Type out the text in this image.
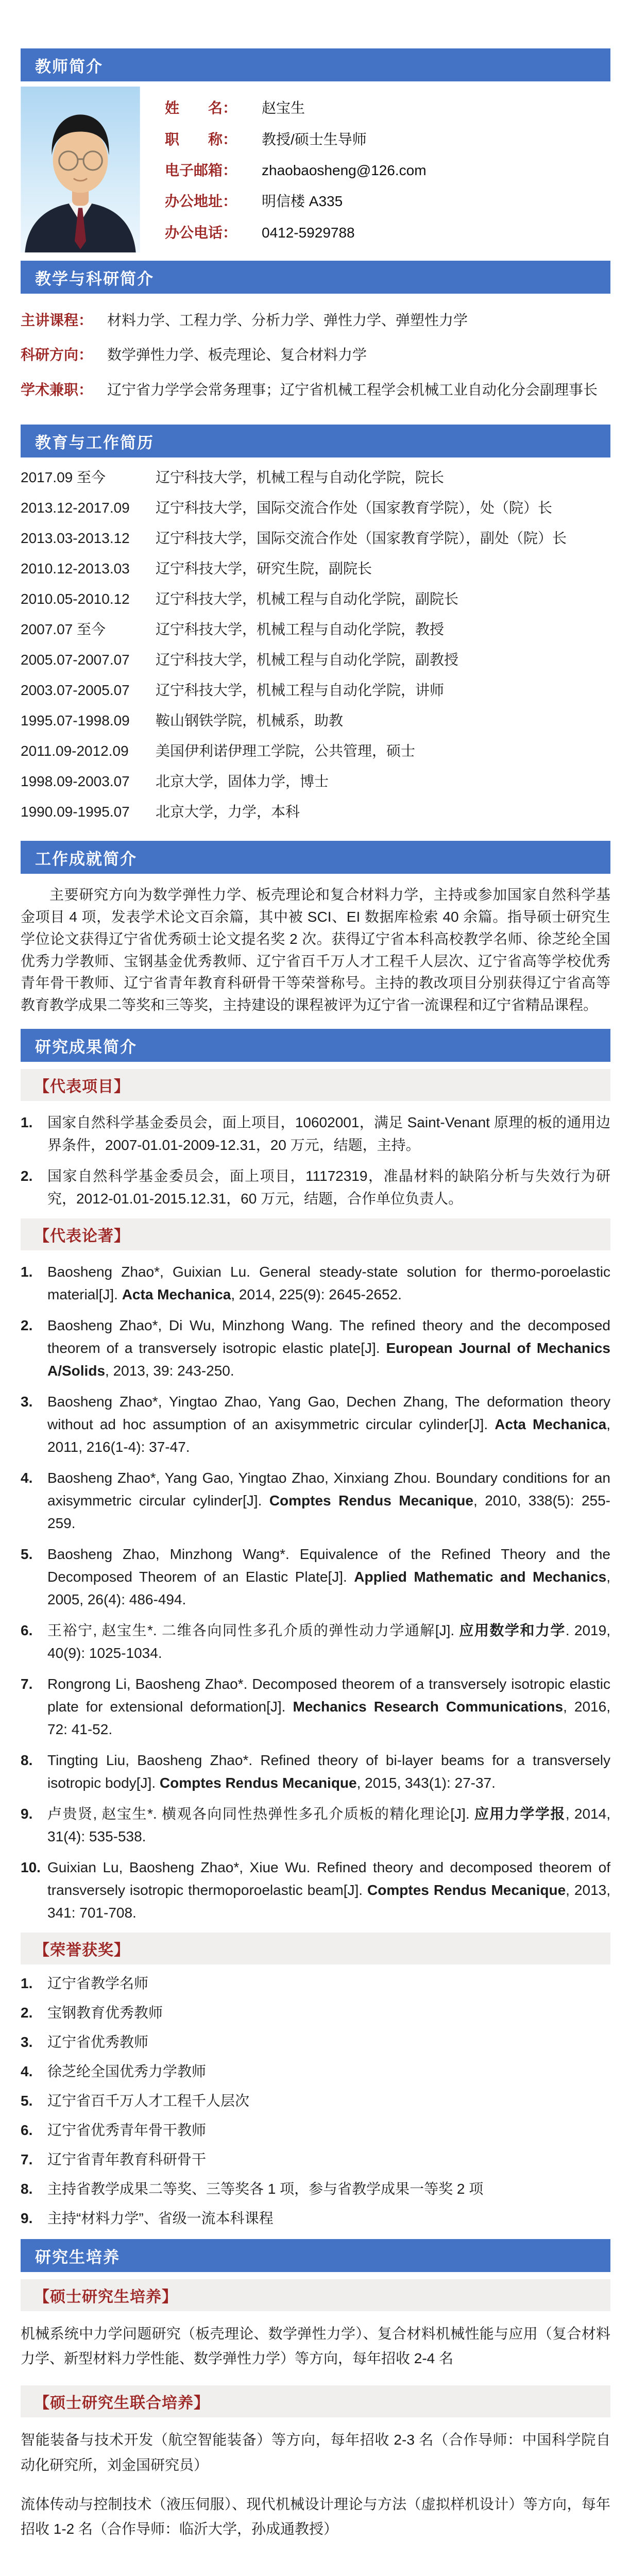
教师简介
姓　　名：	赵宝生
职　　称：	教授/硕士生导师
电子邮箱：	zhaobaosheng@126.com
办公地址：	明信楼 A335
办公电话：	0412-5929788
教学与科研简介
主讲课程： 材料力学、工程力学、分析力学、弹性力学、弹塑性力学
科研方向： 数学弹性力学、板壳理论、复合材料力学
学术兼职： 辽宁省力学学会常务理事；辽宁省机械工程学会机械工业自动化分会副理事长
教育与工作简历
2017.09 至今	辽宁科技大学，机械工程与自动化学院，院长
2013.12-2017.09	辽宁科技大学，国际交流合作处（国家教育学院），处（院）长
2013.03-2013.12	辽宁科技大学，国际交流合作处（国家教育学院），副处（院）长
2010.12-2013.03	辽宁科技大学，研究生院，副院长
2010.05-2010.12	辽宁科技大学，机械工程与自动化学院，副院长
2007.07 至今	辽宁科技大学，机械工程与自动化学院，教授
2005.07-2007.07	辽宁科技大学，机械工程与自动化学院，副教授
2003.07-2005.07	辽宁科技大学，机械工程与自动化学院，讲师
1995.07-1998.09	鞍山钢铁学院，机械系，助教
2011.09-2012.09	美国伊利诺伊理工学院，公共管理，硕士
1998.09-2003.07	北京大学，固体力学，博士
1990.09-1995.07	北京大学，力学，本科
工作成就简介

主要研究方向为数学弹性力学、板壳理论和复合材料力学，主持或参加国家自然科学基金项目 4 项，发表学术论文百余篇，其中被 SCI、EI 数据库检索 40 余篇。指导硕士研究生学位论文获得辽宁省优秀硕士论文提名奖 2 次。获得辽宁省本科高校教学名师、徐芝纶全国优秀力学教师、宝钢基金优秀教师、辽宁省百千万人才工程千人层次、辽宁省高等学校优秀青年骨干教师、辽宁省青年教育科研骨干等荣誉称号。主持的教改项目分别获得辽宁省高等教育教学成果二等奖和三等奖，主持建设的课程被评为辽宁省一流课程和辽宁省精品课程。

研究成果简介
【代表项目】
1.	国家自然科学基金委员会，面上项目，10602001，满足 Saint-Venant 原理的板的通用边界条件，2007-01.01-2009-12.31，20 万元，结题，主持。
2.	国家自然科学基金委员会，面上项目，11172319，准晶材料的缺陷分析与失效行为研究，2012-01.01-2015.12.31，60 万元，结题，合作单位负责人。
【代表论著】
1.	Baosheng Zhao*, Guixian Lu. General steady-state solution for thermo-poroelastic material[J]. Acta Mechanica, 2014, 225(9): 2645-2652.
2.	Baosheng Zhao*, Di Wu, Minzhong Wang. The refined theory and the decomposed theorem of a transversely isotropic elastic plate[J]. European Journal of Mechanics A/Solids, 2013, 39: 243-250.
3.	Baosheng Zhao*, Yingtao Zhao, Yang Gao, Dechen Zhang, The deformation theory without ad hoc assumption of an axisymmetric circular cylinder[J]. Acta Mechanica, 2011, 216(1-4): 37-47.
4.	Baosheng Zhao*, Yang Gao, Yingtao Zhao, Xinxiang Zhou. Boundary conditions for an axisymmetric circular cylinder[J]. Comptes Rendus Mecanique, 2010, 338(5): 255-259.
5.	Baosheng Zhao, Minzhong Wang*. Equivalence of the Refined Theory and the Decomposed Theorem of an Elastic Plate[J]. Applied Mathematic and Mechanics, 2005, 26(4): 486-494.
6.	王裕宁, 赵宝生*. 二维各向同性多孔介质的弹性动力学通解[J]. 应用数学和力学. 2019, 40(9): 1025-1034.
7.	Rongrong Li, Baosheng Zhao*. Decomposed theorem of a transversely isotropic elastic plate for extensional deformation[J]. Mechanics Research Communications, 2016, 72: 41-52.
8.	Tingting Liu, Baosheng Zhao*. Refined theory of bi-layer beams for a transversely isotropic body[J]. Comptes Rendus Mecanique, 2015, 343(1): 27-37.
9.	卢贵贤, 赵宝生*. 横观各向同性热弹性多孔介质板的精化理论[J]. 应用力学学报, 2014, 31(4): 535-538.
10. Guixian Lu, Baosheng Zhao*, Xiue Wu. Refined theory and decomposed theorem of transversely isotropic thermoporoelastic beam[J]. Comptes Rendus Mecanique, 2013, 341: 701-708.
【荣誉获奖】
1.	辽宁省教学名师
2.	宝钢教育优秀教师
3.	辽宁省优秀教师
4.	徐芝纶全国优秀力学教师
5.	辽宁省百千万人才工程千人层次
6.	辽宁省优秀青年骨干教师
7.	辽宁省青年教育科研骨干
8.	主持省教学成果二等奖、三等奖各 1 项，参与省教学成果一等奖 2 项
9.	主持“材料力学”、省级一流本科课程
研究生培养
【硕士研究生培养】

机械系统中力学问题研究（板壳理论、数学弹性力学）、复合材料机械性能与应用（复合材料力学、新型材料力学性能、数学弹性力学）等方向，每年招收 2-4 名

【硕士研究生联合培养】

智能装备与技术开发（航空智能装备）等方向，每年招收 2-3 名（合作导师：中国科学院自动化研究所，刘金国研究员）

流体传动与控制技术（液压伺服）、现代机械设计理论与方法（虚拟样机设计）等方向，每年招收 1-2 名（合作导师：临沂大学，孙成通教授）
